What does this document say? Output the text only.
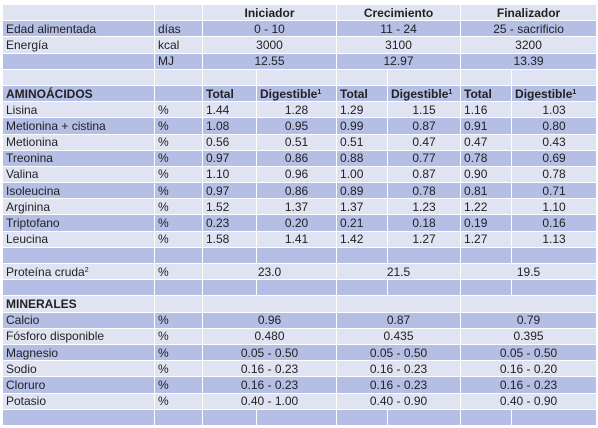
		Iniciador		Crecimiento		Finalizador	
Edad alimentada	días	0 - 10		11 - 24		25 - sacrificio	
Energía	kcal	3000		3100		3200	
	MJ	12.55		12.97		13.39	

AMINOÁCIDOS		Total	Digestible$^1$	Total	Digestible$^1$	Total	Digestible$^1$
Lisina	%	1.44	1.28	1.29	1.15	1.16	1.03
Metionina + cistina	%	1.08	0.95	0.99	0.87	0.91	0.80
Metionina	%	0.56	0.51	0.51	0.47	0.47	0.43
Treonina	%	0.97	0.86	0.88	0.77	0.78	0.69
Valina	%	1.10	0.96	1.00	0.87	0.90	0.78
Isoleucina	%	0.97	0.86	0.89	0.78	0.81	0.71
Arginina	%	1.52	1.37	1.37	1.23	1.22	1.10
Triptofano	%	0.23	0.20	0.21	0.18	0.19	0.16
Leucina	%	1.58	1.41	1.42	1.27	1.27	1.13

Proteína cruda$^2$	%	23.0		21.5		19.5	

MINERALES							
Calcio	%	0.96		0.87		0.79	
Fósforo disponible	%	0.480		0.435		0.395	
Magnesio	%	0.05 - 0.50		0.05 - 0.50		0.05 - 0.50	
Sodio	%	0.16 - 0.23		0.16 - 0.23		0.16 - 0.20	
Cloruro	%	0.16 - 0.23		0.16 - 0.23		0.16 - 0.23	
Potasio	%	0.40 - 1.00		0.40 - 0.90		0.40 - 0.90	
